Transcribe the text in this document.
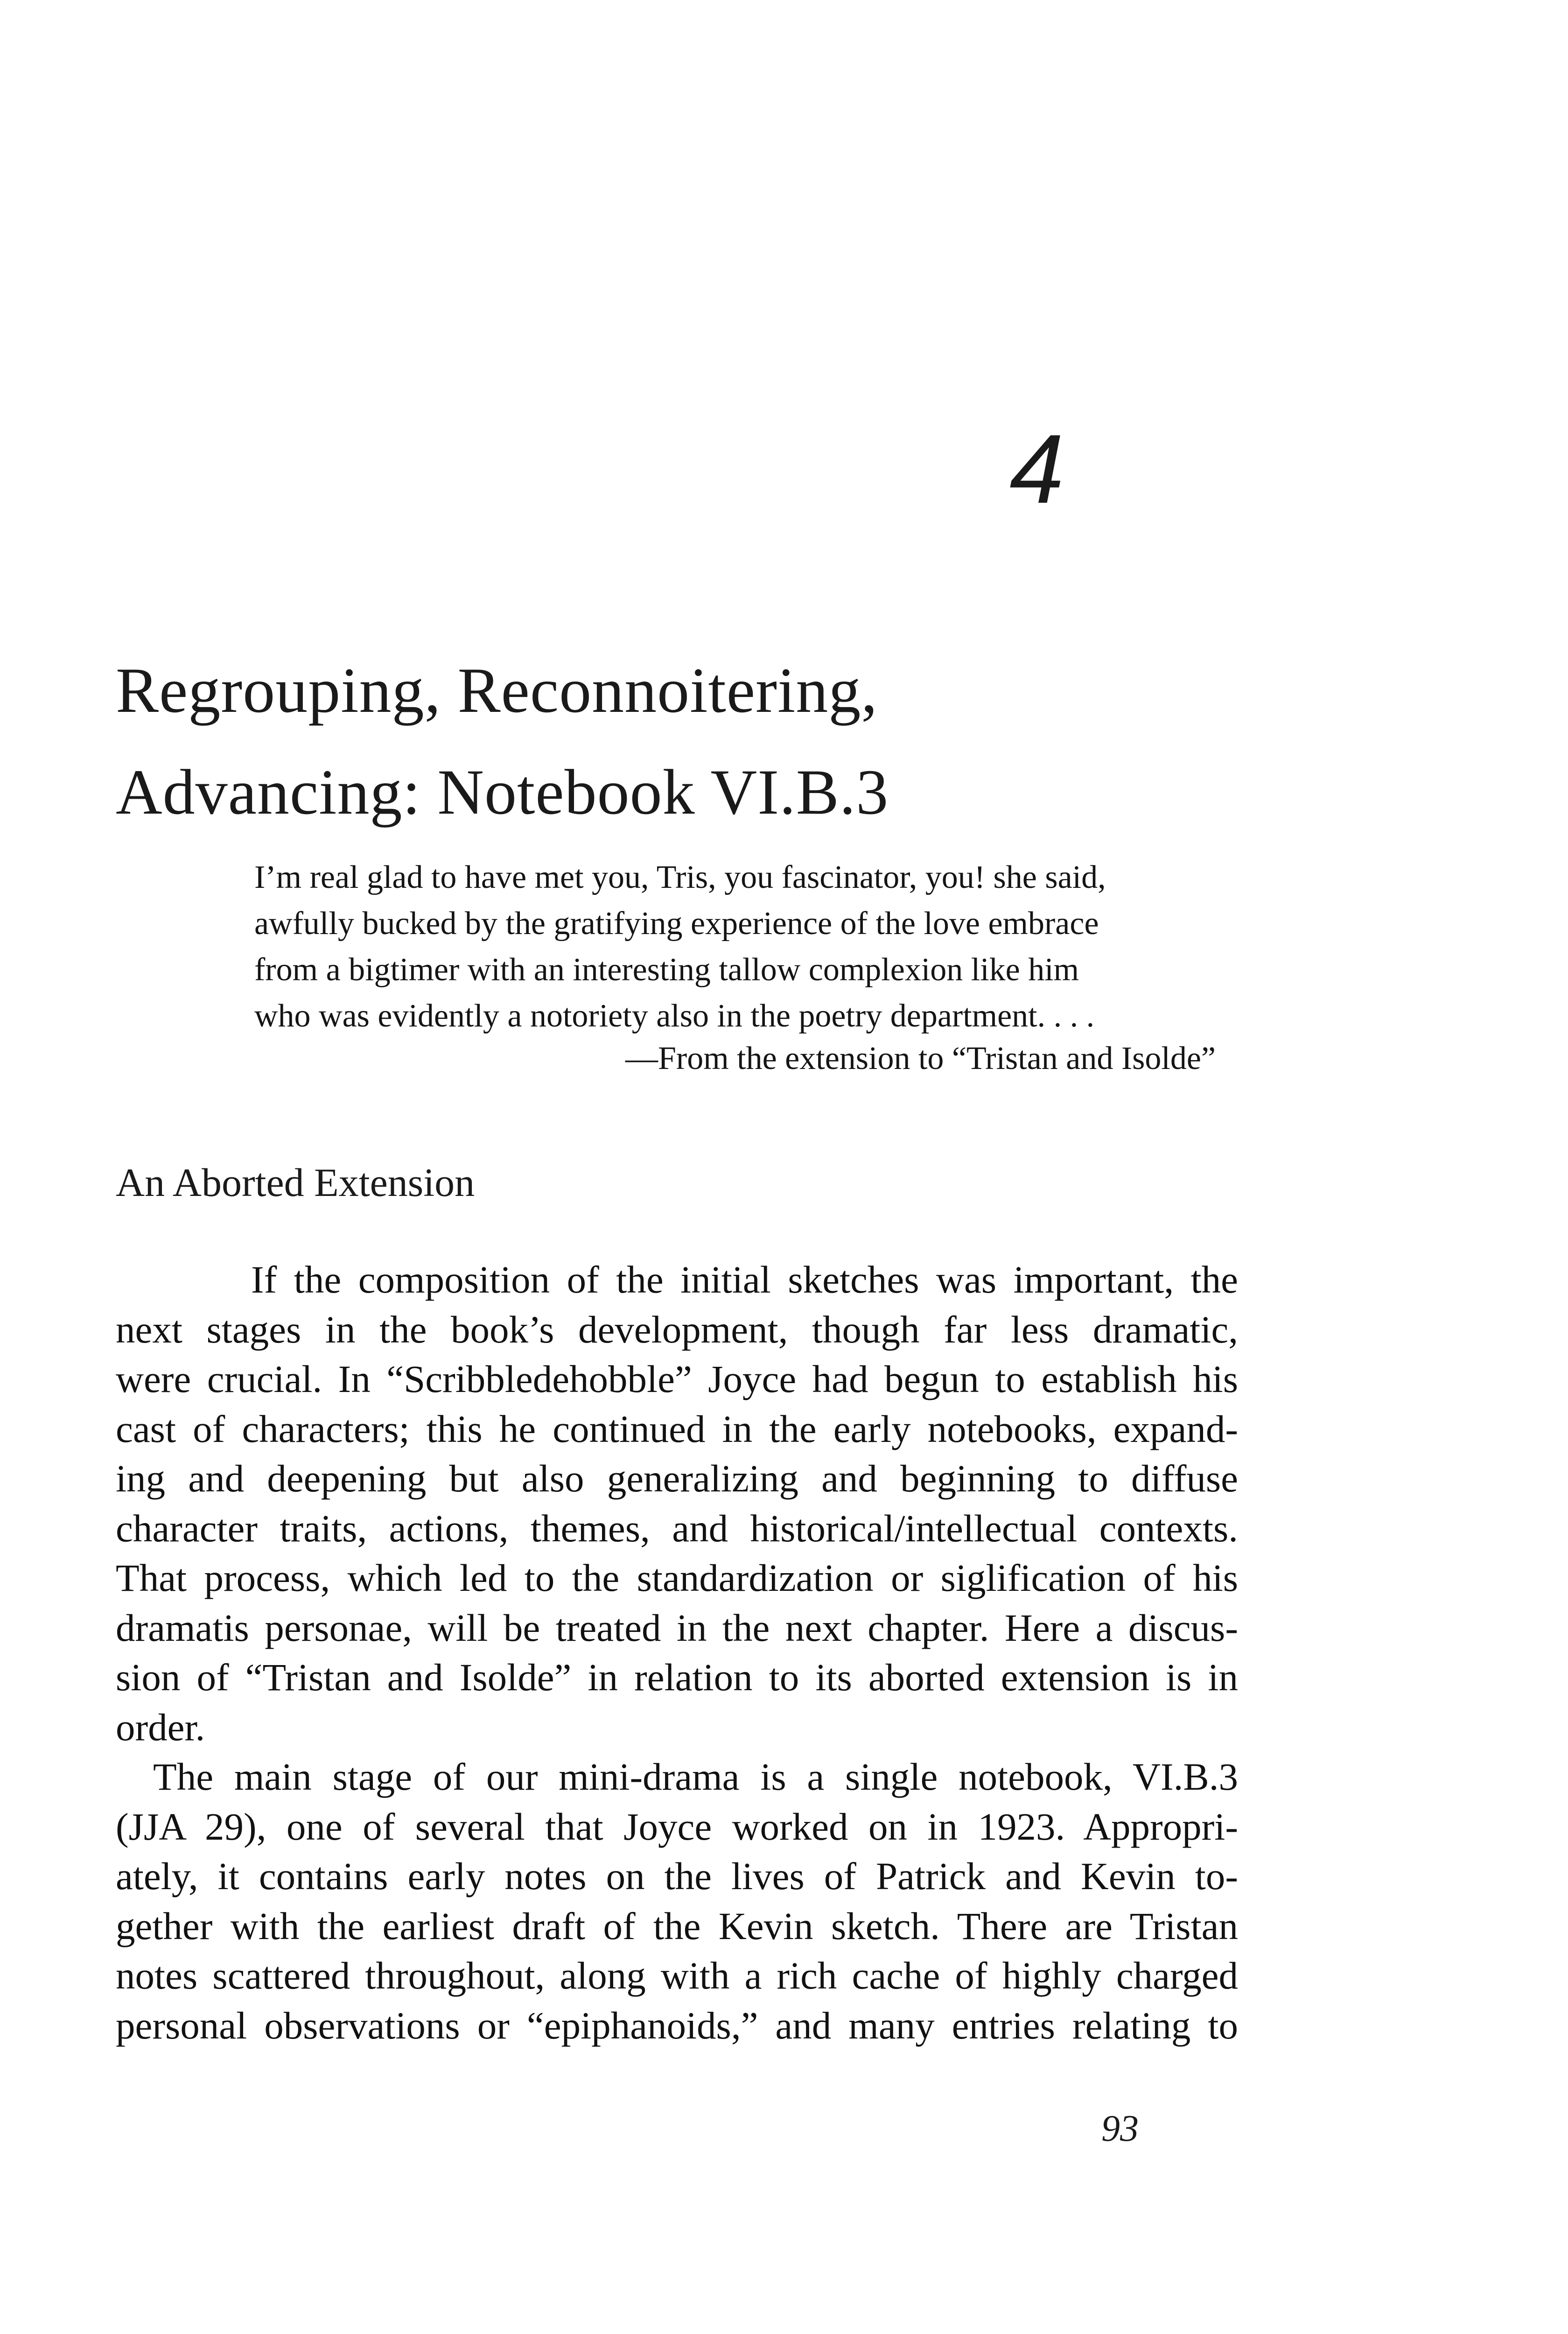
4
Regrouping, Reconnoitering,
Advancing: Notebook VI.B.3
I’m real glad to have met you, Tris, you fascinator, you! she said,
awfully bucked by the gratifying experience of the love embrace
from a bigtimer with an interesting tallow complexion like him
who was evidently a notoriety also in the poetry department. . . .
—From the extension to “Tristan and Isolde”
An Aborted Extension
If the composition of the initial sketches was important, the
next stages in the book’s development, though far less dramatic,
were crucial. In “Scribbledehobble” Joyce had begun to establish his
cast of characters; this he continued in the early notebooks, expand-
ing and deepening but also generalizing and beginning to diffuse
character traits, actions, themes, and historical/intellectual contexts.
That process, which led to the standardization or siglification of his
dramatis personae, will be treated in the next chapter. Here a discus-
sion of “Tristan and Isolde” in relation to its aborted extension is in
order.
The main stage of our mini-drama is a single notebook, VI.B.3
(JJA 29), one of several that Joyce worked on in 1923. Appropri-
ately, it contains early notes on the lives of Patrick and Kevin to-
gether with the earliest draft of the Kevin sketch. There are Tristan
notes scattered throughout, along with a rich cache of highly charged
personal observations or “epiphanoids,” and many entries relating to
93
